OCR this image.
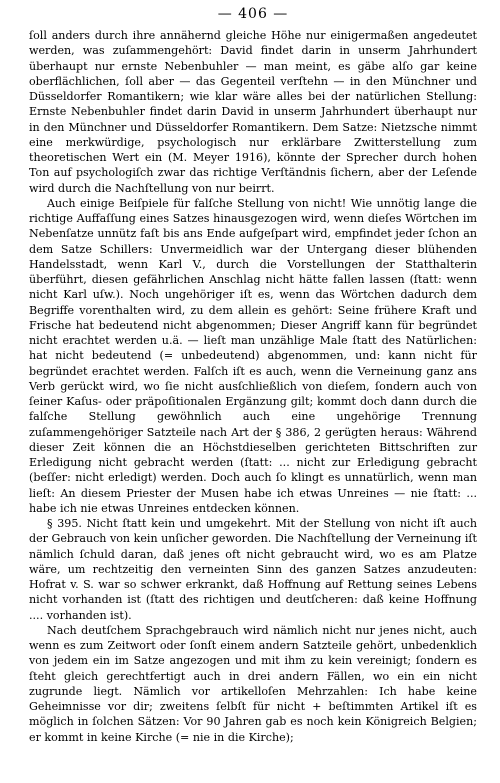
— 406 —

ſoll anders durch ihre annähernd gleiche Höhe nur einigermaßen angedeutet werden, was zuſammengehört: David findet darin in unserm Jahrhundert überhaupt nur ernste Nebenbuhler — man meint, es gäbe alſo gar keine oberflächlichen, ſoll aber — das Gegenteil verſtehn — in den Münchner und Düsseldorfer Romantikern; wie klar wäre alles bei der natürlichen Stellung: Ernste Nebenbuhler findet darin David in unserm Jahrhundert überhaupt nur in den Münchner und Düsseldorfer Romantikern. Dem Satze: Nietzsche nimmt eine merkwürdige, psychologisch nur erklärbare Zwitterstellung zum theoretischen Wert ein (M. Meyer 1916), könnte der Sprecher durch hohen Ton auf psychologiſch zwar das richtige Verſtändnis ſichern, aber der Leſende wird durch die Nachſtellung von nur beirrt.

Auch einige Beiſpiele für falſche Stellung von nicht! Wie unnötig lange die richtige Auffaſſung eines Satzes hinausgezogen wird, wenn dieſes Wörtchen im Nebenſatze unnütz faſt bis ans Ende aufgeſpart wird, empfindet jeder ſchon an dem Satze Schillers: Unvermeidlich war der Untergang dieser blühenden Handelsstadt, wenn Karl V., durch die Vorstellungen der Statthalterin überführt, diesen gefährlichen Anschlag nicht hätte fallen lassen (ſtatt: wenn nicht Karl uſw.). Noch ungehöriger iſt es, wenn das Wörtchen dadurch dem Begriffe vorenthalten wird, zu dem allein es gehört: Seine frühere Kraft und Frische hat bedeutend nicht abgenommen; Dieser Angriff kann für begründet nicht erachtet werden u.ä. — lieſt man unzählige Male ſtatt des Natürlichen: hat nicht bedeutend (= unbedeutend) abgenommen, und: kann nicht für begründet erachtet werden. Falſch iſt es auch, wenn die Verneinung ganz ans Verb gerückt wird, wo ſie nicht ausſchließlich von dieſem, ſondern auch von ſeiner Kaſus- oder präpoſitionalen Ergänzung gilt; kommt doch dann durch die falſche Stellung gewöhnlich auch eine ungehörige Trennung zuſammengehöriger Satzteile nach Art der § 386, 2 gerügten heraus: Während dieser Zeit können die an Höchstdieselben gerichteten Bittschriften zur Erledigung nicht gebracht werden (ſtatt: ... nicht zur Erledigung gebracht (beſſer: nicht erledigt) werden. Doch auch ſo klingt es unnatürlich, wenn man lieſt: An diesem Priester der Musen habe ich etwas Unreines — nie ſtatt: ... habe ich nie etwas Unreines entdecken können.

§ 395. Nicht ſtatt kein und umgekehrt. Mit der Stellung von nicht iſt auch der Gebrauch von kein unſicher geworden. Die Nachſtellung der Verneinung iſt nämlich ſchuld daran, daß jenes oft nicht gebraucht wird, wo es am Platze wäre, um rechtzeitig den verneinten Sinn des ganzen Satzes anzudeuten: Hofrat v. S. war so schwer erkrankt, daß Hoffnung auf Rettung seines Lebens nicht vorhanden ist (ſtatt des richtigen und deutſcheren: daß keine Hoffnung .... vorhanden ist).

Nach deutſchem Sprachgebrauch wird nämlich nicht nur jenes nicht, auch wenn es zum Zeitwort oder ſonſt einem andern Satzteile gehört, unbedenklich von jedem ein im Satze angezogen und mit ihm zu kein vereinigt; ſondern es ſteht gleich gerechtfertigt auch in drei andern Fällen, wo ein ein nicht zugrunde liegt. Nämlich vor artikelloſen Mehrzahlen: Ich habe keine Geheimnisse vor dir; zweitens ſelbſt für nicht + beſtimmten Artikel iſt es möglich in ſolchen Sätzen: Vor 90 Jahren gab es noch kein Königreich Belgien; er kommt in keine Kirche (= nie in die Kirche);
